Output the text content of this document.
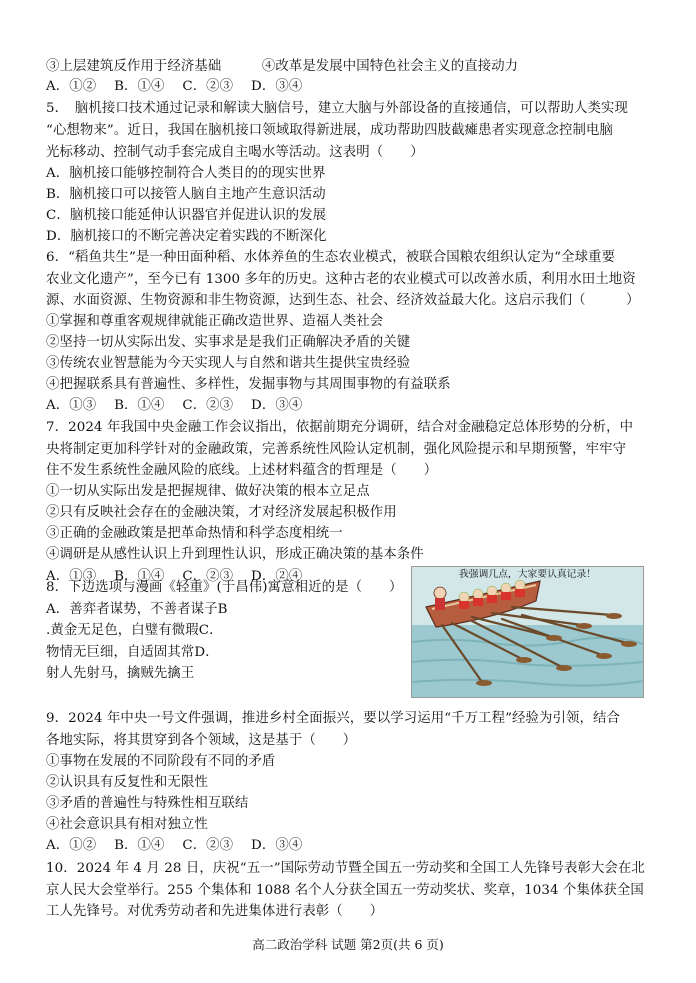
③上层建筑反作用于经济基础　　　④改革是发展中国特色社会主义的直接动力
A．①②　 B．①④　 C．②③　 D．③④
5．　脑机接口技术通过记录和解读大脑信号，建立大脑与外部设备的直接通信，可以帮助人类实现
“心想物来”。近日，我国在脑机接口领域取得新进展，成功帮助四肢截瘫患者实现意念控制电脑
光标移动、控制气动手套完成自主喝水等活动。这表明（　　）
A．脑机接口能够控制符合人类目的的现实世界
B．脑机接口可以接管人脑自主地产生意识活动
C．脑机接口能延伸认识器官并促进认识的发展
D．脑机接口的不断完善决定着实践的不断深化
6．“稻鱼共生”是一种田面种稻、水体养鱼的生态农业模式，被联合国粮农组织认定为“全球重要
农业文化遗产”，至今已有 1300 多年的历史。这种古老的农业模式可以改善水质，利用水田土地资
源、水面资源、生物资源和非生物资源，达到生态、社会、经济效益最大化。这启示我们（　　　）
①掌握和尊重客观规律就能正确改造世界、造福人类社会
②坚持一切从实际出发、实事求是是我们正确解决矛盾的关键
③传统农业智慧能为今天实现人与自然和谐共生提供宝贵经验
④把握联系具有普遍性、多样性，发掘事物与其周围事物的有益联系
A．①③　 B．①④　 C．②③　 D．③④
7．2024 年我国中央金融工作会议指出，依据前期充分调研，结合对金融稳定总体形势的分析，中
央将制定更加科学针对的金融政策，完善系统性风险认定机制，强化风险提示和早期预警，牢牢守
住不发生系统性金融风险的底线。上述材料蕴含的哲理是（　　）
①一切从实际出发是把握规律、做好决策的根本立足点
②只有反映社会存在的金融决策，才对经济发展起积极作用
③正确的金融政策是把革命热情和科学态度相统一
④调研是从感性认识上升到理性认识，形成正确决策的基本条件
A．①③　 B．①④　 C．②③　 D．②④
8．下边选项与漫画《轻重》(于昌伟)寓意相近的是（　　）
A．善弈者谋势，不善者谋子B
.黄金无足色，白璧有微瑕C．
物情无巨细，自适固其常D．
射人先射马，擒贼先擒王
9．2024 年中央一号文件强调，推进乡村全面振兴，要以学习运用“千万工程”经验为引领，结合
各地实际，将其贯穿到各个领域，这是基于（　　）
①事物在发展的不同阶段有不同的矛盾
②认识具有反复性和无限性
③矛盾的普遍性与特殊性相互联结
④社会意识具有相对独立性
A．①②　 B．①④　 C．②③　 D．③④
10．2024 年 4 月 28 日，庆祝“五一”国际劳动节暨全国五一劳动奖和全国工人先锋号表彰大会在北
京人民大会堂举行。255 个集体和 1088 名个人分获全国五一劳动奖状、奖章，1034 个集体获全国
工人先锋号。对优秀劳动者和先进集体进行表彰（　　）
我强调几点，大家要认真记录！
高二政治学科 试题 第2页(共 6 页)
